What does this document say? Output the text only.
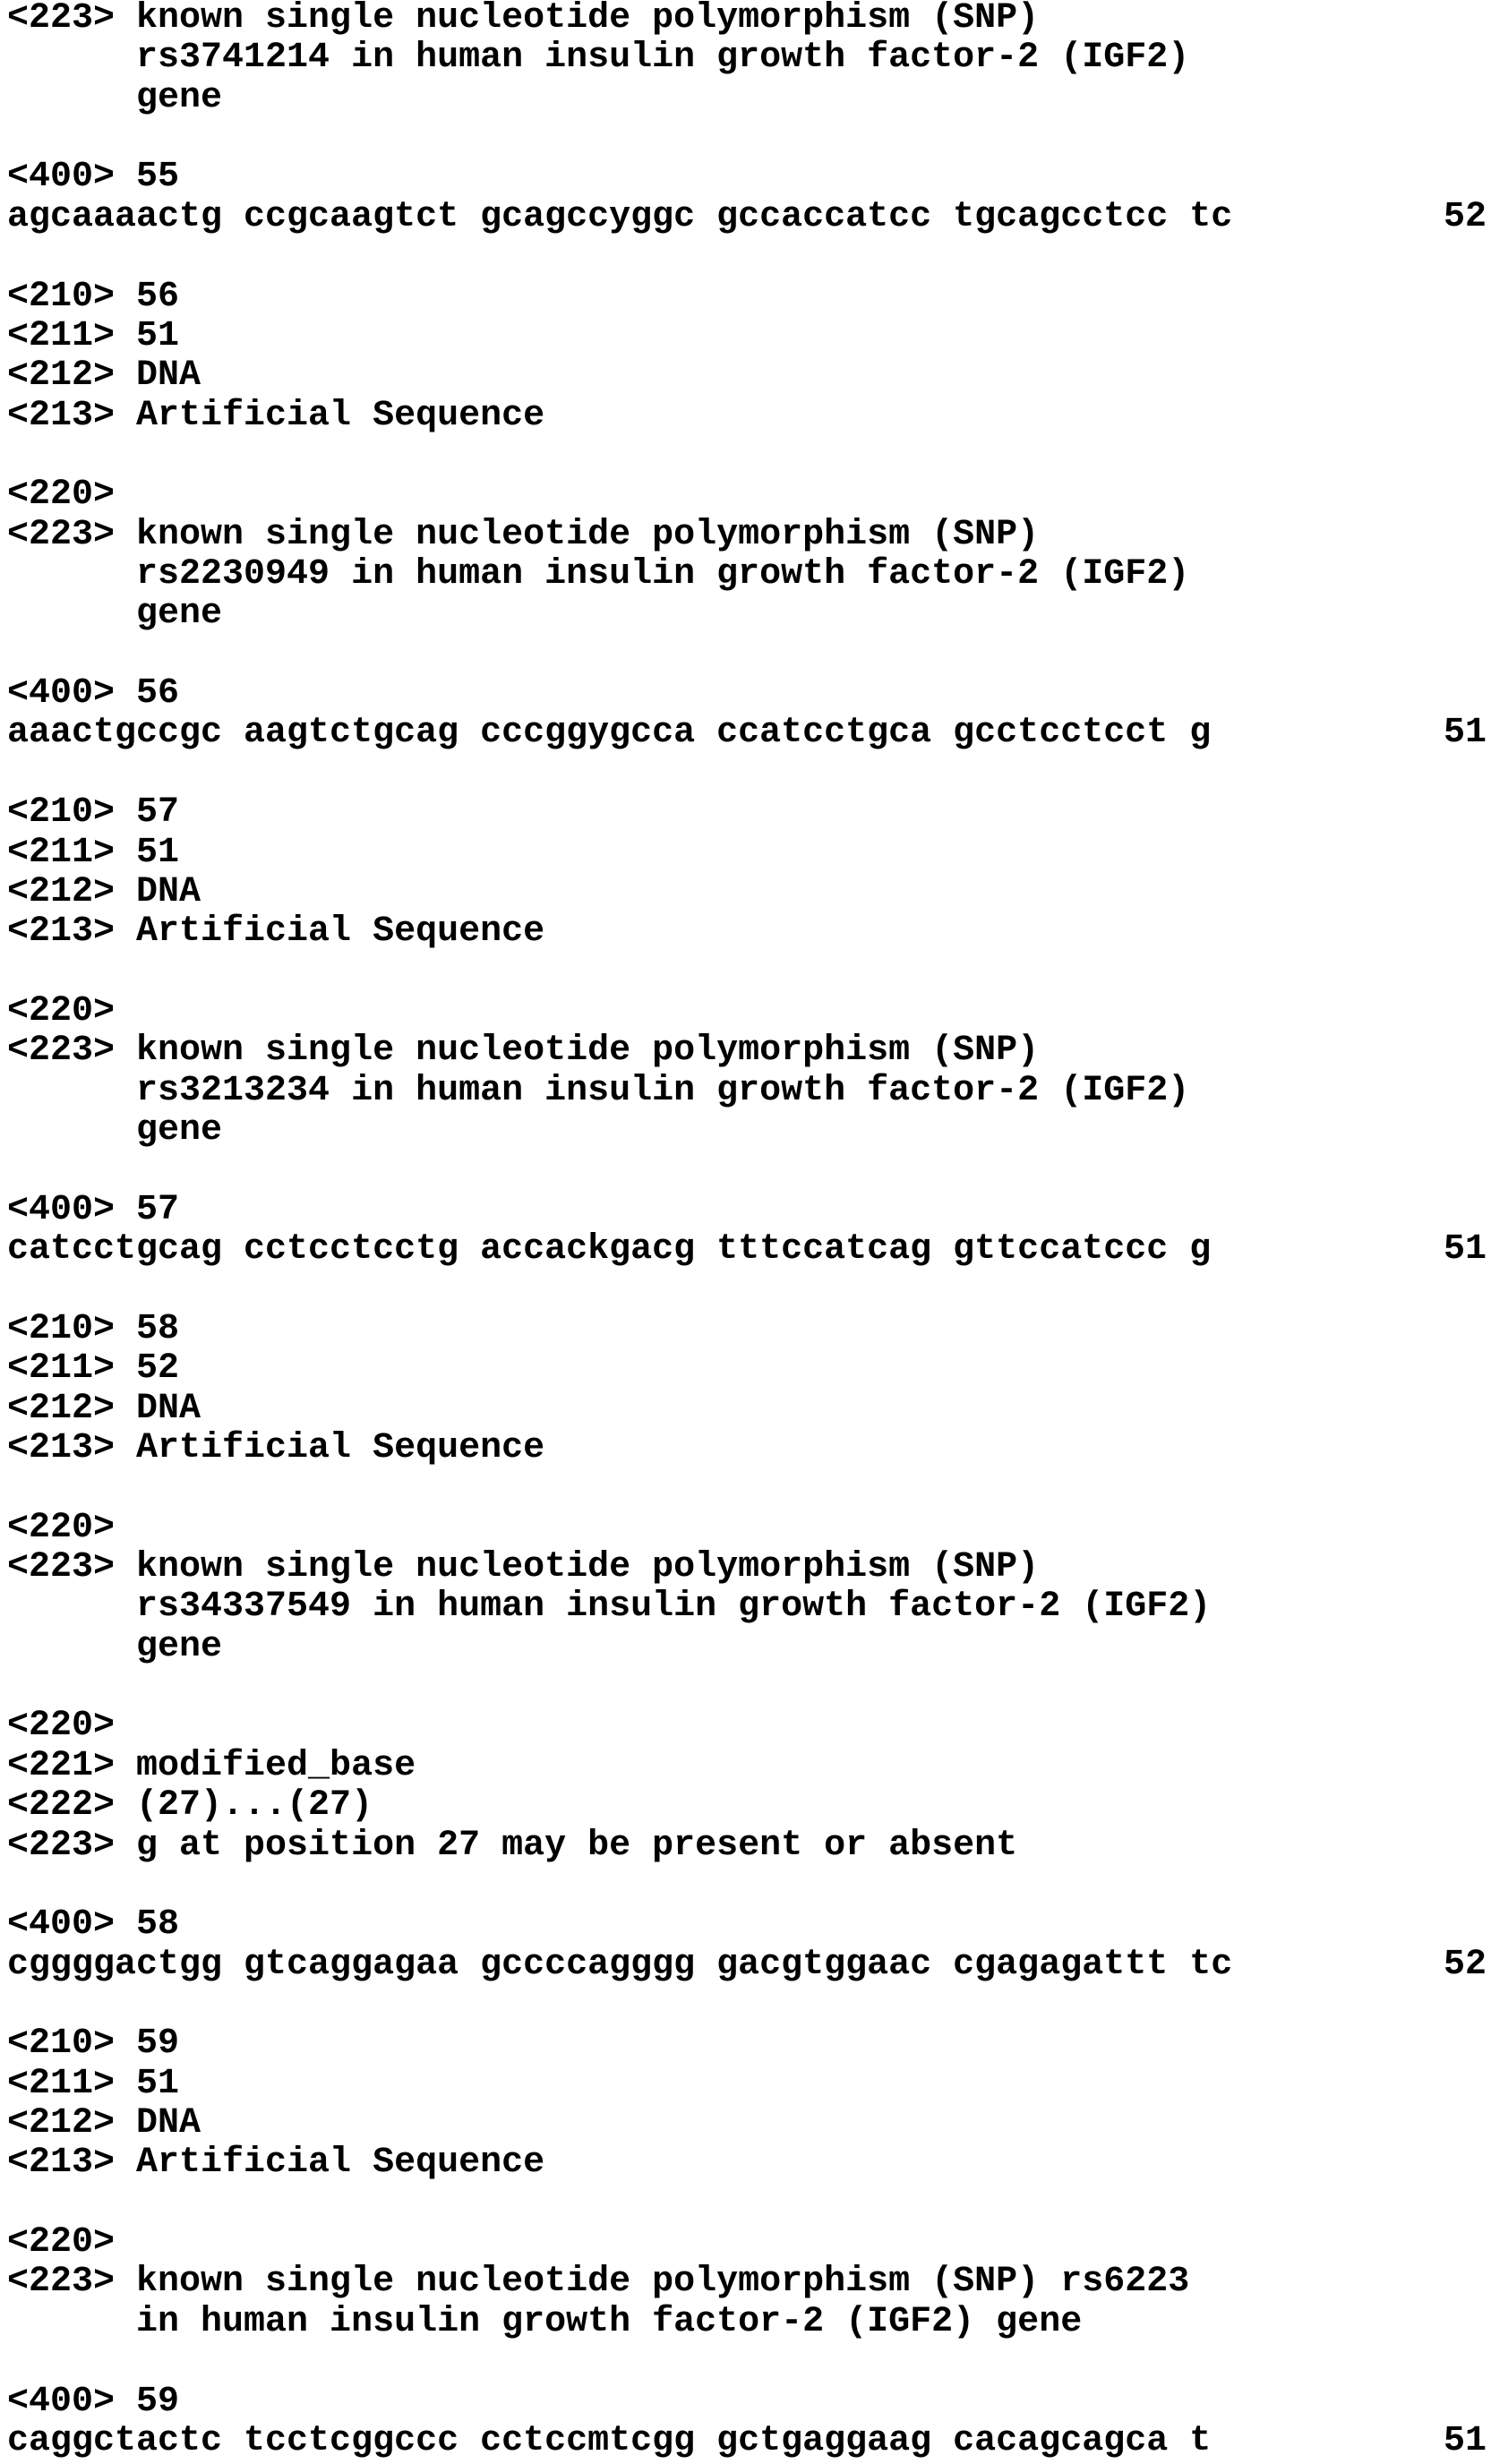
<223> known single nucleotide polymorphism (SNP)
rs3741214 in human insulin growth factor-2 (IGF2)
gene
<400> 55
agcaaaactg ccgcaagtct gcagccyggc gccaccatcc tgcagcctcc tc	52
<210> 56
<211> 51
<212> DNA
<213> Artificial Sequence
<220>
<223> known single nucleotide polymorphism (SNP)
rs2230949 in human insulin growth factor-2 (IGF2)
gene
<400> 56
aaactgccgc aagtctgcag cccggygcca ccatcctgca gcctcctcct g	51
<210> 57
<211> 51
<212> DNA
<213> Artificial Sequence
<220>
<223> known single nucleotide polymorphism (SNP)
rs3213234 in human insulin growth factor-2 (IGF2)
gene
<400> 57
catcctgcag cctcctcctg accackgacg tttccatcag gttccatccc g	51
<210> 58
<211> 52
<212> DNA
<213> Artificial Sequence
<220>
<223> known single nucleotide polymorphism (SNP)
rs34337549 in human insulin growth factor-2 (IGF2)
gene
<220>
<221> modified_base
<222> (27)...(27)
<223> g at position 27 may be present or absent
<400> 58
cggggactgg gtcaggagaa gccccagggg gacgtggaac cgagagattt tc	52
<210> 59
<211> 51
<212> DNA
<213> Artificial Sequence
<220>
<223> known single nucleotide polymorphism (SNP) rs6223
in human insulin growth factor-2 (IGF2) gene
<400> 59
caggctactc tcctcggccc cctccmtcgg gctgaggaag cacagcagca t	51
